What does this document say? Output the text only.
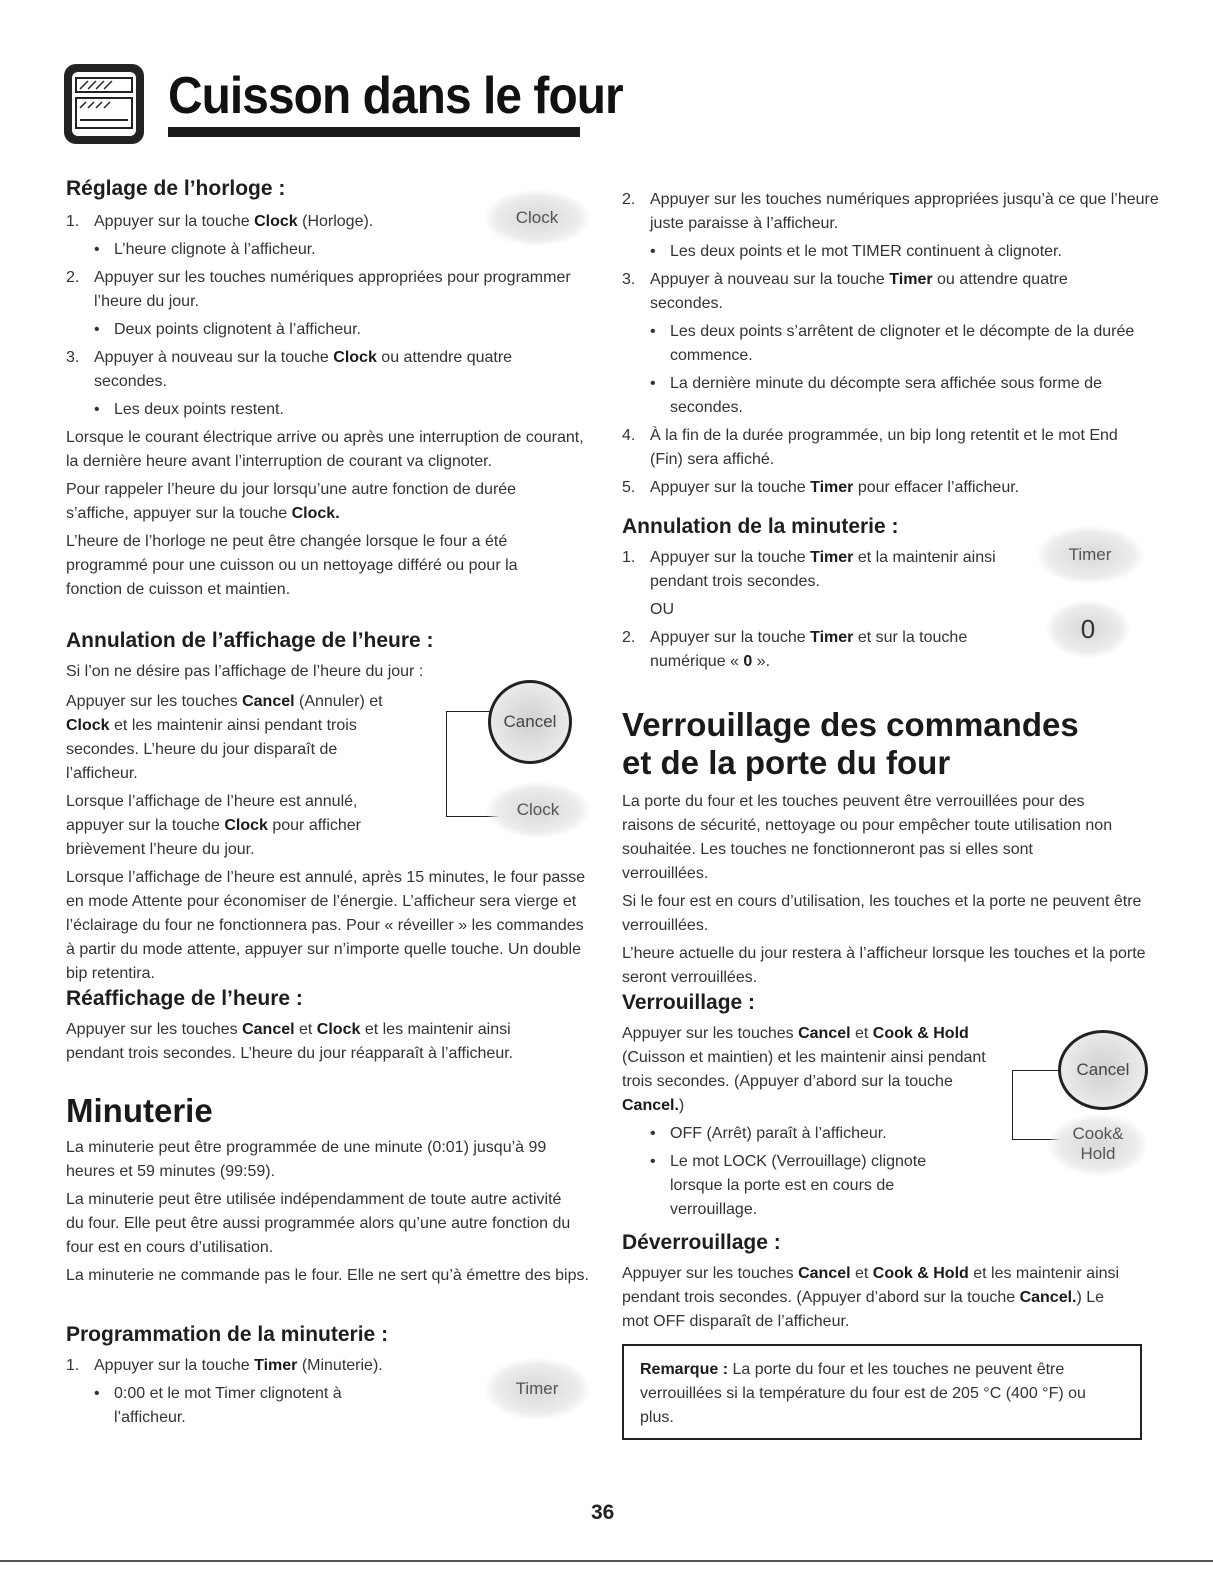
Cuisson dans le four
Réglage de l’horloge :

1. Appuyer sur la touche Clock (Horloge).

• L’heure clignote à l’afficheur.

2. Appuyer sur les touches numériques appropriées pour programmer l’heure du jour.

• Deux points clignotent à l’afficheur.

3. Appuyer à nouveau sur la touche Clock ou attendre quatre secondes.

• Les deux points restent.

Lorsque le courant électrique arrive ou après une interruption de courant, la dernière heure avant l’interruption de courant va clignoter.

Pour rappeler l’heure du jour lorsqu’une autre fonction de durée s’affiche, appuyer sur la touche Clock.

L’heure de l’horloge ne peut être changée lorsque le four a été programmé pour une cuisson ou un nettoyage différé ou pour la fonction de cuisson et maintien.

Clock
Annulation de l’affichage de l’heure :

Si l’on ne désire pas l’affichage de l’heure du jour :

Appuyer sur les touches Cancel (Annuler) et Clock et les maintenir ainsi pendant trois secondes. L’heure du jour disparaît de l’afficheur.

Lorsque l’affichage de l’heure est annulé, appuyer sur la touche Clock pour afficher brièvement l’heure du jour.

Lorsque l’affichage de l’heure est annulé, après 15 minutes, le four passe en mode Attente pour économiser de l’énergie. L’afficheur sera vierge et l’éclairage du four ne fonctionnera pas. Pour « réveiller » les commandes à partir du mode attente, appuyer sur n’importe quelle touche. Un double bip retentira.

Cancel
Clock
Réaffichage de l’heure :

Appuyer sur les touches Cancel et Clock et les maintenir ainsi pendant trois secondes. L’heure du jour réapparaît à l’afficheur.

Minuterie

La minuterie peut être programmée de une minute (0:01) jusqu’à 99 heures et 59 minutes (99:59).

La minuterie peut être utilisée indépendamment de toute autre activité du four. Elle peut être aussi programmée alors qu’une autre fonction du four est en cours d’utilisation.

La minuterie ne commande pas le four. Elle ne sert qu’à émettre des bips.

Programmation de la minuterie :

1. Appuyer sur la touche Timer (Minuterie).

• 0:00 et le mot Timer clignotent à l’afficheur.

Timer

2. Appuyer sur les touches numériques appropriées jusqu’à ce que l’heure juste paraisse à l’afficheur.

• Les deux points et le mot TIMER continuent à clignoter.

3. Appuyer à nouveau sur la touche Timer ou attendre quatre secondes.

• Les deux points s’arrêtent de clignoter et le décompte de la durée commence.

• La dernière minute du décompte sera affichée sous forme de secondes.

4. À la fin de la durée programmée, un bip long retentit et le mot End (Fin) sera affiché.

5. Appuyer sur la touche Timer pour effacer l’afficheur.

Annulation de la minuterie :

1. Appuyer sur la touche Timer et la maintenir ainsi pendant trois secondes.

OU

2. Appuyer sur la touche Timer et sur la touche numérique « 0 ».

Timer
0
Verrouillage des commandes
et de la porte du four

La porte du four et les touches peuvent être verrouillées pour des raisons de sécurité, nettoyage ou pour empêcher toute utilisation non souhaitée. Les touches ne fonctionneront pas si elles sont verrouillées.

Si le four est en cours d’utilisation, les touches et la porte ne peuvent être verrouillées.

L’heure actuelle du jour restera à l’afficheur lorsque les touches et la porte seront verrouillées.

Verrouillage :

Appuyer sur les touches Cancel et Cook & Hold (Cuisson et maintien) et les maintenir ainsi pendant trois secondes. (Appuyer d’abord sur la touche Cancel.)

• OFF (Arrêt) paraît à l’afficheur.

• Le mot LOCK (Verrouillage) clignote lorsque la porte est en cours de verrouillage.

Cancel
Cook&
Hold
Déverrouillage :

Appuyer sur les touches Cancel et Cook & Hold et les maintenir ainsi pendant trois secondes. (Appuyer d’abord sur la touche Cancel.) Le mot OFF disparaît de l’afficheur.

Remarque : La porte du four et les touches ne peuvent être verrouillées si la température du four est de 205 °C (400 °F) ou plus.

36
